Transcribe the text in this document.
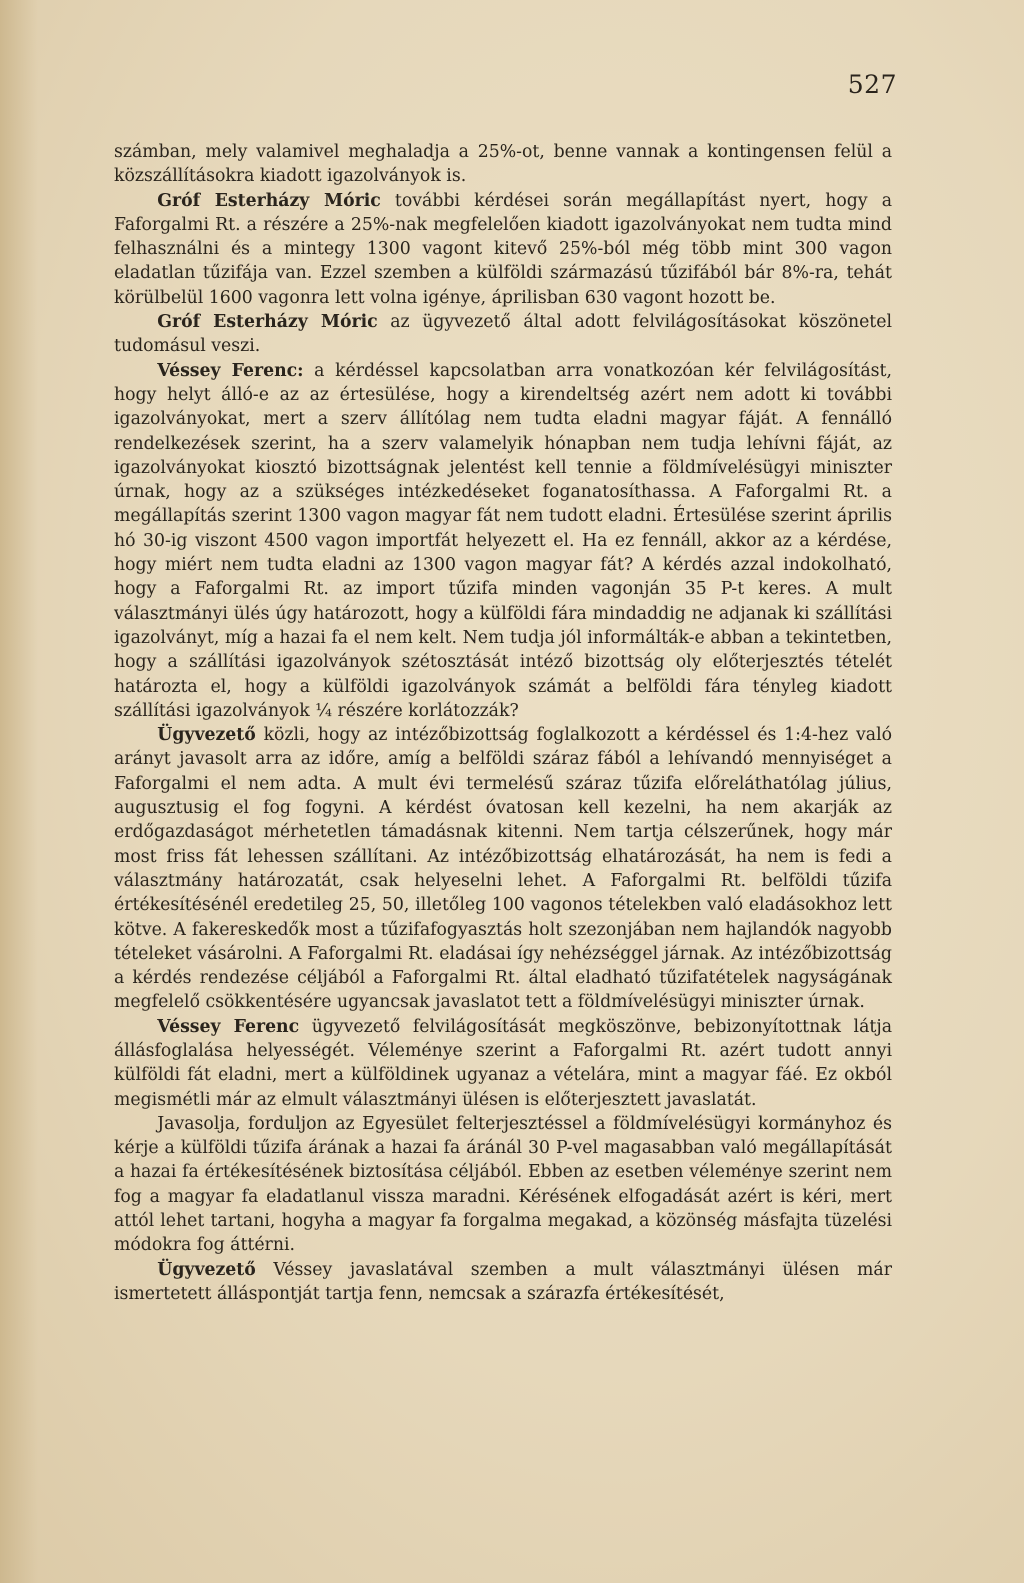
527

számban, mely valamivel meghaladja a 25%-ot, benne vannak a kontingensen felül a közszállításokra kiadott igazolványok is.

Gróf Esterházy Móric további kérdései során megállapítást nyert, hogy a Faforgalmi Rt. a részére a 25%-nak megfelelően kiadott igazolványokat nem tudta mind felhasználni és a mintegy 1300 vagont kitevő 25%-ból még több mint 300 vagon eladatlan tűzifája van. Ezzel szemben a külföldi származású tűzifából bár 8%-ra, tehát körülbelül 1600 vagonra lett volna igénye, áprilisban 630 vagont hozott be.

Gróf Esterházy Móric az ügyvezető által adott felvilágosításokat köszönetel tudomásul veszi.

Véssey Ferenc: a kérdéssel kapcsolatban arra vonatkozóan kér felvilágosítást, hogy helyt álló-e az az értesülése, hogy a kirendeltség azért nem adott ki további igazolványokat, mert a szerv állítólag nem tudta eladni magyar fáját. A fennálló rendelkezések szerint, ha a szerv valamelyik hónapban nem tudja lehívni fáját, az igazolványokat kiosztó bizottságnak jelentést kell tennie a földmívelésügyi miniszter úrnak, hogy az a szükséges intézkedéseket foganatosíthassa. A Faforgalmi Rt. a megállapítás szerint 1300 vagon magyar fát nem tudott eladni. Értesülése szerint április hó 30-ig viszont 4500 vagon importfát helyezett el. Ha ez fennáll, akkor az a kérdése, hogy miért nem tudta eladni az 1300 vagon magyar fát? A kérdés azzal indokolható, hogy a Faforgalmi Rt. az import tűzifa minden vagonján 35 P-t keres. A mult választmányi ülés úgy határozott, hogy a külföldi fára mindaddig ne adjanak ki szállítási igazolványt, míg a hazai fa el nem kelt. Nem tudja jól informálták-e abban a tekintetben, hogy a szállítási igazolványok szétosztását intéző bizottság oly előterjesztés tételét határozta el, hogy a külföldi igazolványok számát a belföldi fára tényleg kiadott szállítási igazolványok ¼ részére korlátozzák?

Ügyvezető közli, hogy az intézőbizottság foglalkozott a kérdéssel és 1:4-hez való arányt javasolt arra az időre, amíg a belföldi száraz fából a lehívandó mennyiséget a Faforgalmi el nem adta. A mult évi termelésű száraz tűzifa előreláthatólag július, augusztusig el fog fogyni. A kérdést óvatosan kell kezelni, ha nem akarják az erdőgazdaságot mérhetetlen támadásnak kitenni. Nem tartja célszerűnek, hogy már most friss fát lehessen szállítani. Az intézőbizottság elhatározását, ha nem is fedi a választmány határozatát, csak helyeselni lehet. A Faforgalmi Rt. belföldi tűzifa értékesítésénél eredetileg 25, 50, illetőleg 100 vagonos tételekben való eladásokhoz lett kötve. A fakereskedők most a tűzifafogyasztás holt szezonjában nem hajlandók nagyobb tételeket vásárolni. A Faforgalmi Rt. eladásai így nehézséggel járnak. Az intézőbizottság a kérdés rendezése céljából a Faforgalmi Rt. által eladható tűzifatételek nagyságának megfelelő csökkentésére ugyancsak javaslatot tett a földmívelésügyi miniszter úrnak.

Véssey Ferenc ügyvezető felvilágosítását megköszönve, bebizonyítottnak látja állásfoglalása helyességét. Véleménye szerint a Faforgalmi Rt. azért tudott annyi külföldi fát eladni, mert a külföldinek ugyanaz a vételára, mint a magyar fáé. Ez okból megismétli már az elmult választmányi ülésen is előterjesztett javaslatát.

Javasolja, forduljon az Egyesület felterjesztéssel a földmívelésügyi kormányhoz és kérje a külföldi tűzifa árának a hazai fa áránál 30 P-vel magasabban való megállapítását a hazai fa értékesítésének biztosítása céljából. Ebben az esetben véleménye szerint nem fog a magyar fa eladatlanul vissza maradni. Kérésének elfogadását azért is kéri, mert attól lehet tartani, hogyha a magyar fa forgalma megakad, a közönség másfajta tüzelési módokra fog áttérni.

Ügyvezető Véssey javaslatával szemben a mult választmányi ülésen már ismertetett álláspontját tartja fenn, nemcsak a szárazfa értékesítését,
